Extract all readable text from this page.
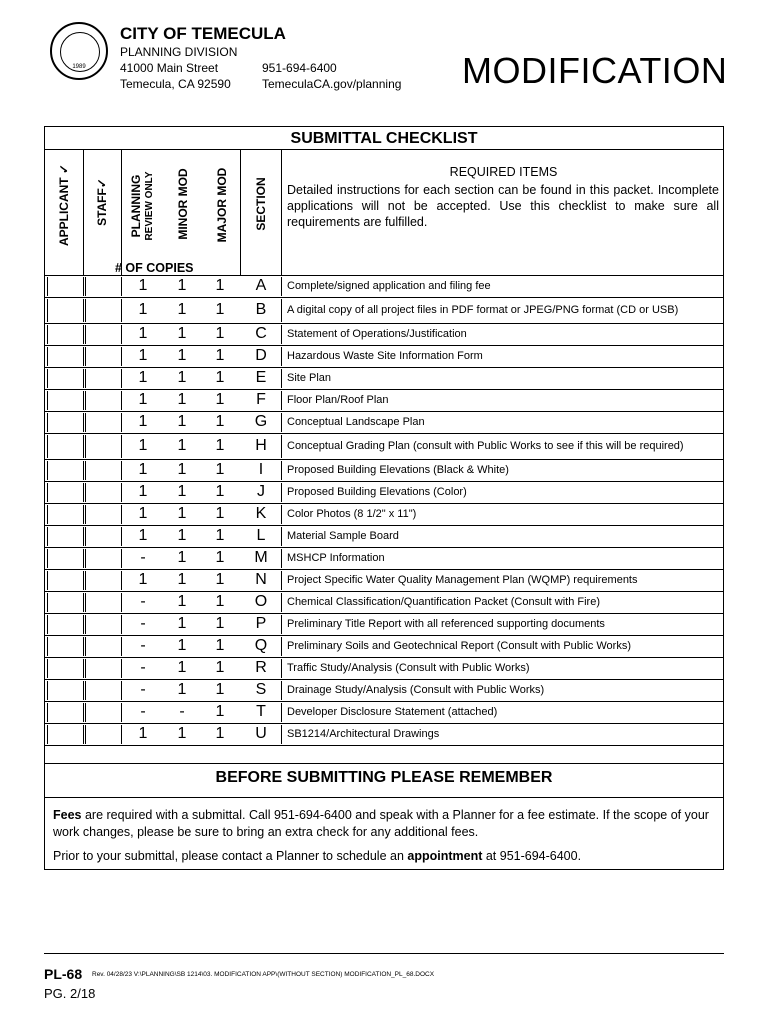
1989
CITY OF TEMECULA
PLANNING DIVISION
41000 Main Street
Temecula, CA 92590
951-694-6400
TemeculaCA.gov/planning MODIFICATION
SUBMITTAL CHECKLIST
APPLICANT ✓ STAFF✓ PLANNING REVIEW ONLY MINOR MOD MAJOR MOD SECTION
REQUIRED ITEMS
Detailed instructions for each section can be found in this packet. Incomplete applications will not be accepted. Use this checklist to make sure all requirements are fulfilled.
# OF COPIES
1	1	1	A	Complete/signed application and filing fee
1	1	1	B	A digital copy of all project files in PDF format or JPEG/PNG format (CD or USB)
1	1	1	C	Statement of Operations/Justification
1	1	1	D	Hazardous Waste Site Information Form
1	1	1	E	Site Plan
1	1	1	F	Floor Plan/Roof Plan
1	1	1	G	Conceptual Landscape Plan
1	1	1	H	Conceptual Grading Plan (consult with Public Works to see if this will be required)
1	1	1	I	Proposed Building Elevations (Black & White)
1	1	1	J	Proposed Building Elevations (Color)
1	1	1	K	Color Photos (8 1/2" x 11")
1	1	1	L	Material Sample Board
-	1	1	M	MSHCP Information
1	1	1	N	Project Specific Water Quality Management Plan (WQMP) requirements
-	1	1	O	Chemical Classification/Quantification Packet (Consult with Fire)
-	1	1	P	Preliminary Title Report with all referenced supporting documents
-	1	1	Q	Preliminary Soils and Geotechnical Report (Consult with Public Works)
-	1	1	R	Traffic Study/Analysis (Consult with Public Works)
-	1	1	S	Drainage Study/Analysis (Consult with Public Works)
-	-	1	T	Developer Disclosure Statement (attached)
1	1	1	U	SB1214/Architectural Drawings
BEFORE SUBMITTING PLEASE REMEMBER
Fees are required with a submittal. Call 951-694-6400 and speak with a Planner for a fee estimate. If the scope of your work changes, please be sure to bring an extra check for any additional fees.
Prior to your submittal, please contact a Planner to schedule an appointment at 951-694-6400.
PL-68 Rev. 04/28/23 V:\PLANNING\SB 1214\03. MODIFICATION APP\(WITHOUT SECTION) MODIFICATION_PL_68.DOCX
PG. 2/18
